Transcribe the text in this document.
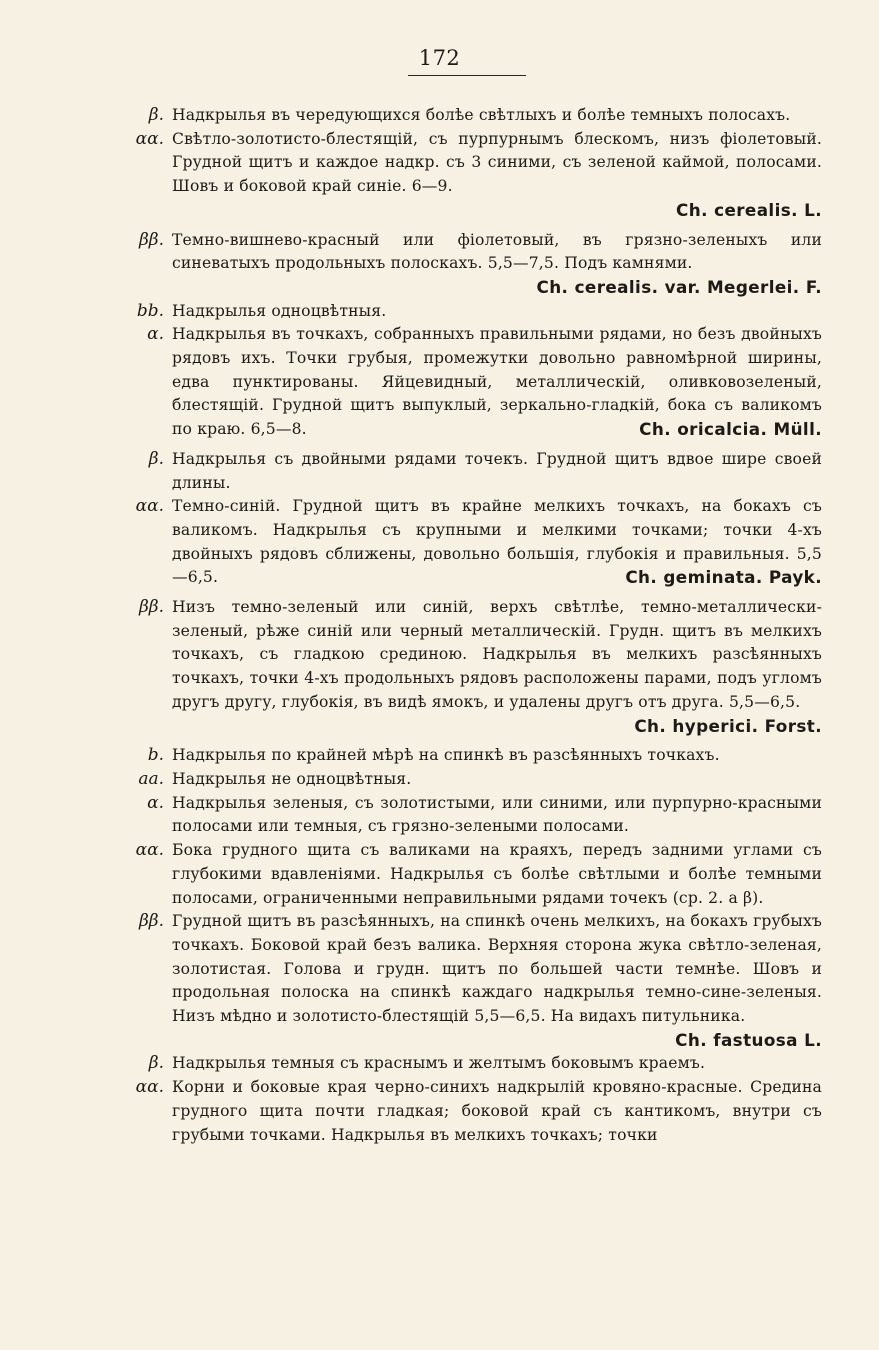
172
β. Надкрылья въ чередующихся болѣе свѣтлыхъ и болѣе темныхъ полосахъ.
αα. Свѣтло-золотисто-блестящій, съ пурпурнымъ блескомъ, низъ фіолетовый. Грудной щитъ и каждое надкр. съ 3 синими, съ зеленой каймой, полосами. Шовъ и боковой край синіе. 6—9.
Ch. cerealis. L.
ββ. Темно-вишнево-красный или фіолетовый, въ грязно-зеленыхъ или синеватыхъ продольныхъ полоскахъ. 5,5—7,5. Подъ камнями.
Ch. cerealis. var. Megerlei. F.
bb. Надкрылья одноцвѣтныя.
α. Надкрылья въ точкахъ, собранныхъ правильными рядами, но безъ двойныхъ рядовъ ихъ. Точки грубыя, промежутки довольно равномѣрной ширины, едва пунктированы. Яйцевидный, металлическій, оливковозеленый, блестящій. Грудной щитъ выпуклый, зеркально-гладкій, бока съ валикомъ по краю. 6,5—8.	Ch. oricalcia. Müll.
β. Надкрылья съ двойными рядами точекъ. Грудной щитъ вдвое шире своей длины.
αα. Темно-синій. Грудной щитъ въ крайне мелкихъ точкахъ, на бокахъ съ валикомъ. Надкрылья съ крупными и мелкими точками; точки 4-хъ двойныхъ рядовъ сближены, довольно большія, глубокія и правильныя. 5,5—6,5.	Ch. geminata. Payk.
ββ. Низъ темно-зеленый или синій, верхъ свѣтлѣе, темно-металлически-зеленый, рѣже синій или черный металлическій. Грудн. щитъ въ мелкихъ точкахъ, съ гладкою срединою. Надкрылья въ мелкихъ разсѣянныхъ точкахъ, точки 4-хъ продольныхъ рядовъ расположены парами, подъ угломъ другъ другу, глубокія, въ видѣ ямокъ, и удалены другъ отъ друга. 5,5—6,5.
Ch. hyperici. Forst.
b. Надкрылья по крайней мѣрѣ на спинкѣ въ разсѣянныхъ точкахъ.
aa. Надкрылья не одноцвѣтныя.
α. Надкрылья зеленыя, съ золотистыми, или синими, или пурпурно-красными полосами или темныя, съ грязно-зелеными полосами.
αα. Бока грудного щита съ валиками на краяхъ, передъ задними углами съ глубокими вдавленіями. Надкрылья съ болѣе свѣтлыми и болѣе темными полосами, ограниченными неправильными рядами точекъ (ср. 2. а β).
ββ. Грудной щитъ въ разсѣянныхъ, на спинкѣ очень мелкихъ, на бокахъ грубыхъ точкахъ. Боковой край безъ валика. Верхняя сторона жука свѣтло-зеленая, золотистая. Голова и грудн. щитъ по большей части темнѣе. Шовъ и продольная полоска на спинкѣ каждаго надкрылья темно-сине-зеленыя. Низъ мѣдно и золотисто-блестящій 5,5—6,5. На видахъ питульника.
Ch. fastuosa L.
β. Надкрылья темныя съ краснымъ и желтымъ боковымъ краемъ.
αα. Корни и боковые края черно-синихъ надкрылій кровяно-красные. Средина грудного щита почти гладкая; боковой край съ кантикомъ, внутри съ грубыми точками. Надкрылья въ мелкихъ точкахъ; точки
